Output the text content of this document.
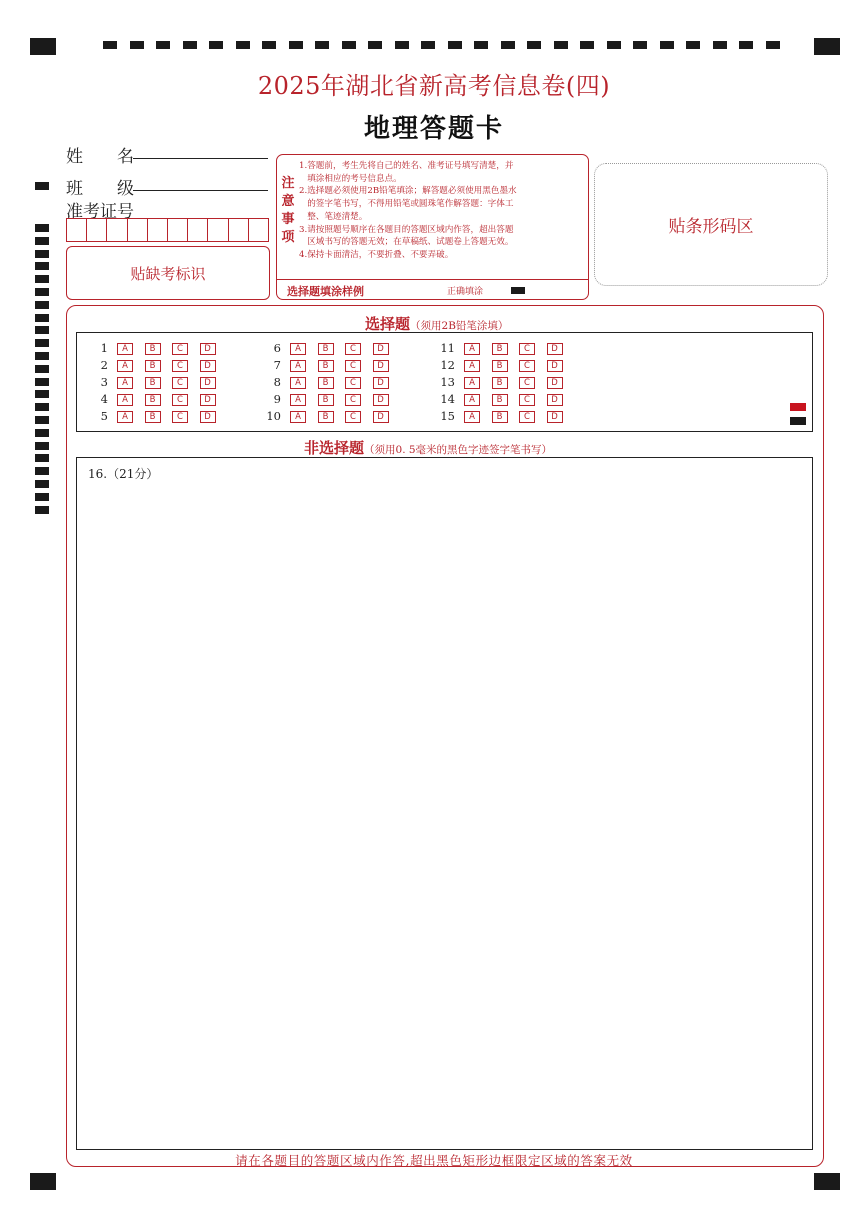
2025年湖北省新高考信息卷(四)
地理答题卡
姓　　名
班　　级
准考证号
贴缺考标识
注
意
事
项
1.答题前，考生先将自己的姓名、准考证号填写清楚，并
填涂相应的考号信息点。
2.选择题必须使用2B铅笔填涂；解答题必须使用黑色墨水
的签字笔书写，不得用铅笔或圆珠笔作解答题：字体工
整、笔迹清楚。
3.请按照题号顺序在各题目的答题区域内作答，超出答题
区域书写的答题无效；在草稿纸、试题卷上答题无效。
4.保持卡面清洁，不要折叠、不要弄破。
选择题填涂样例	正确填涂
贴条形码区
选择题（须用2B铅笔涂填）
1	A	B	C	D
2	A	B	C	D
3	A	B	C	D
4	A	B	C	D
5	A	B	C	D
6	A	B	C	D
7	A	B	C	D
8	A	B	C	D
9	A	B	C	D
10	A	B	C	D
11	A	B	C	D
12	A	B	C	D
13	A	B	C	D
14	A	B	C	D
15	A	B	C	D
非选择题（须用0. 5毫米的黑色字迹签字笔书写）
16.（21分）
请在各题目的答题区域内作答,超出黑色矩形边框限定区域的答案无效
